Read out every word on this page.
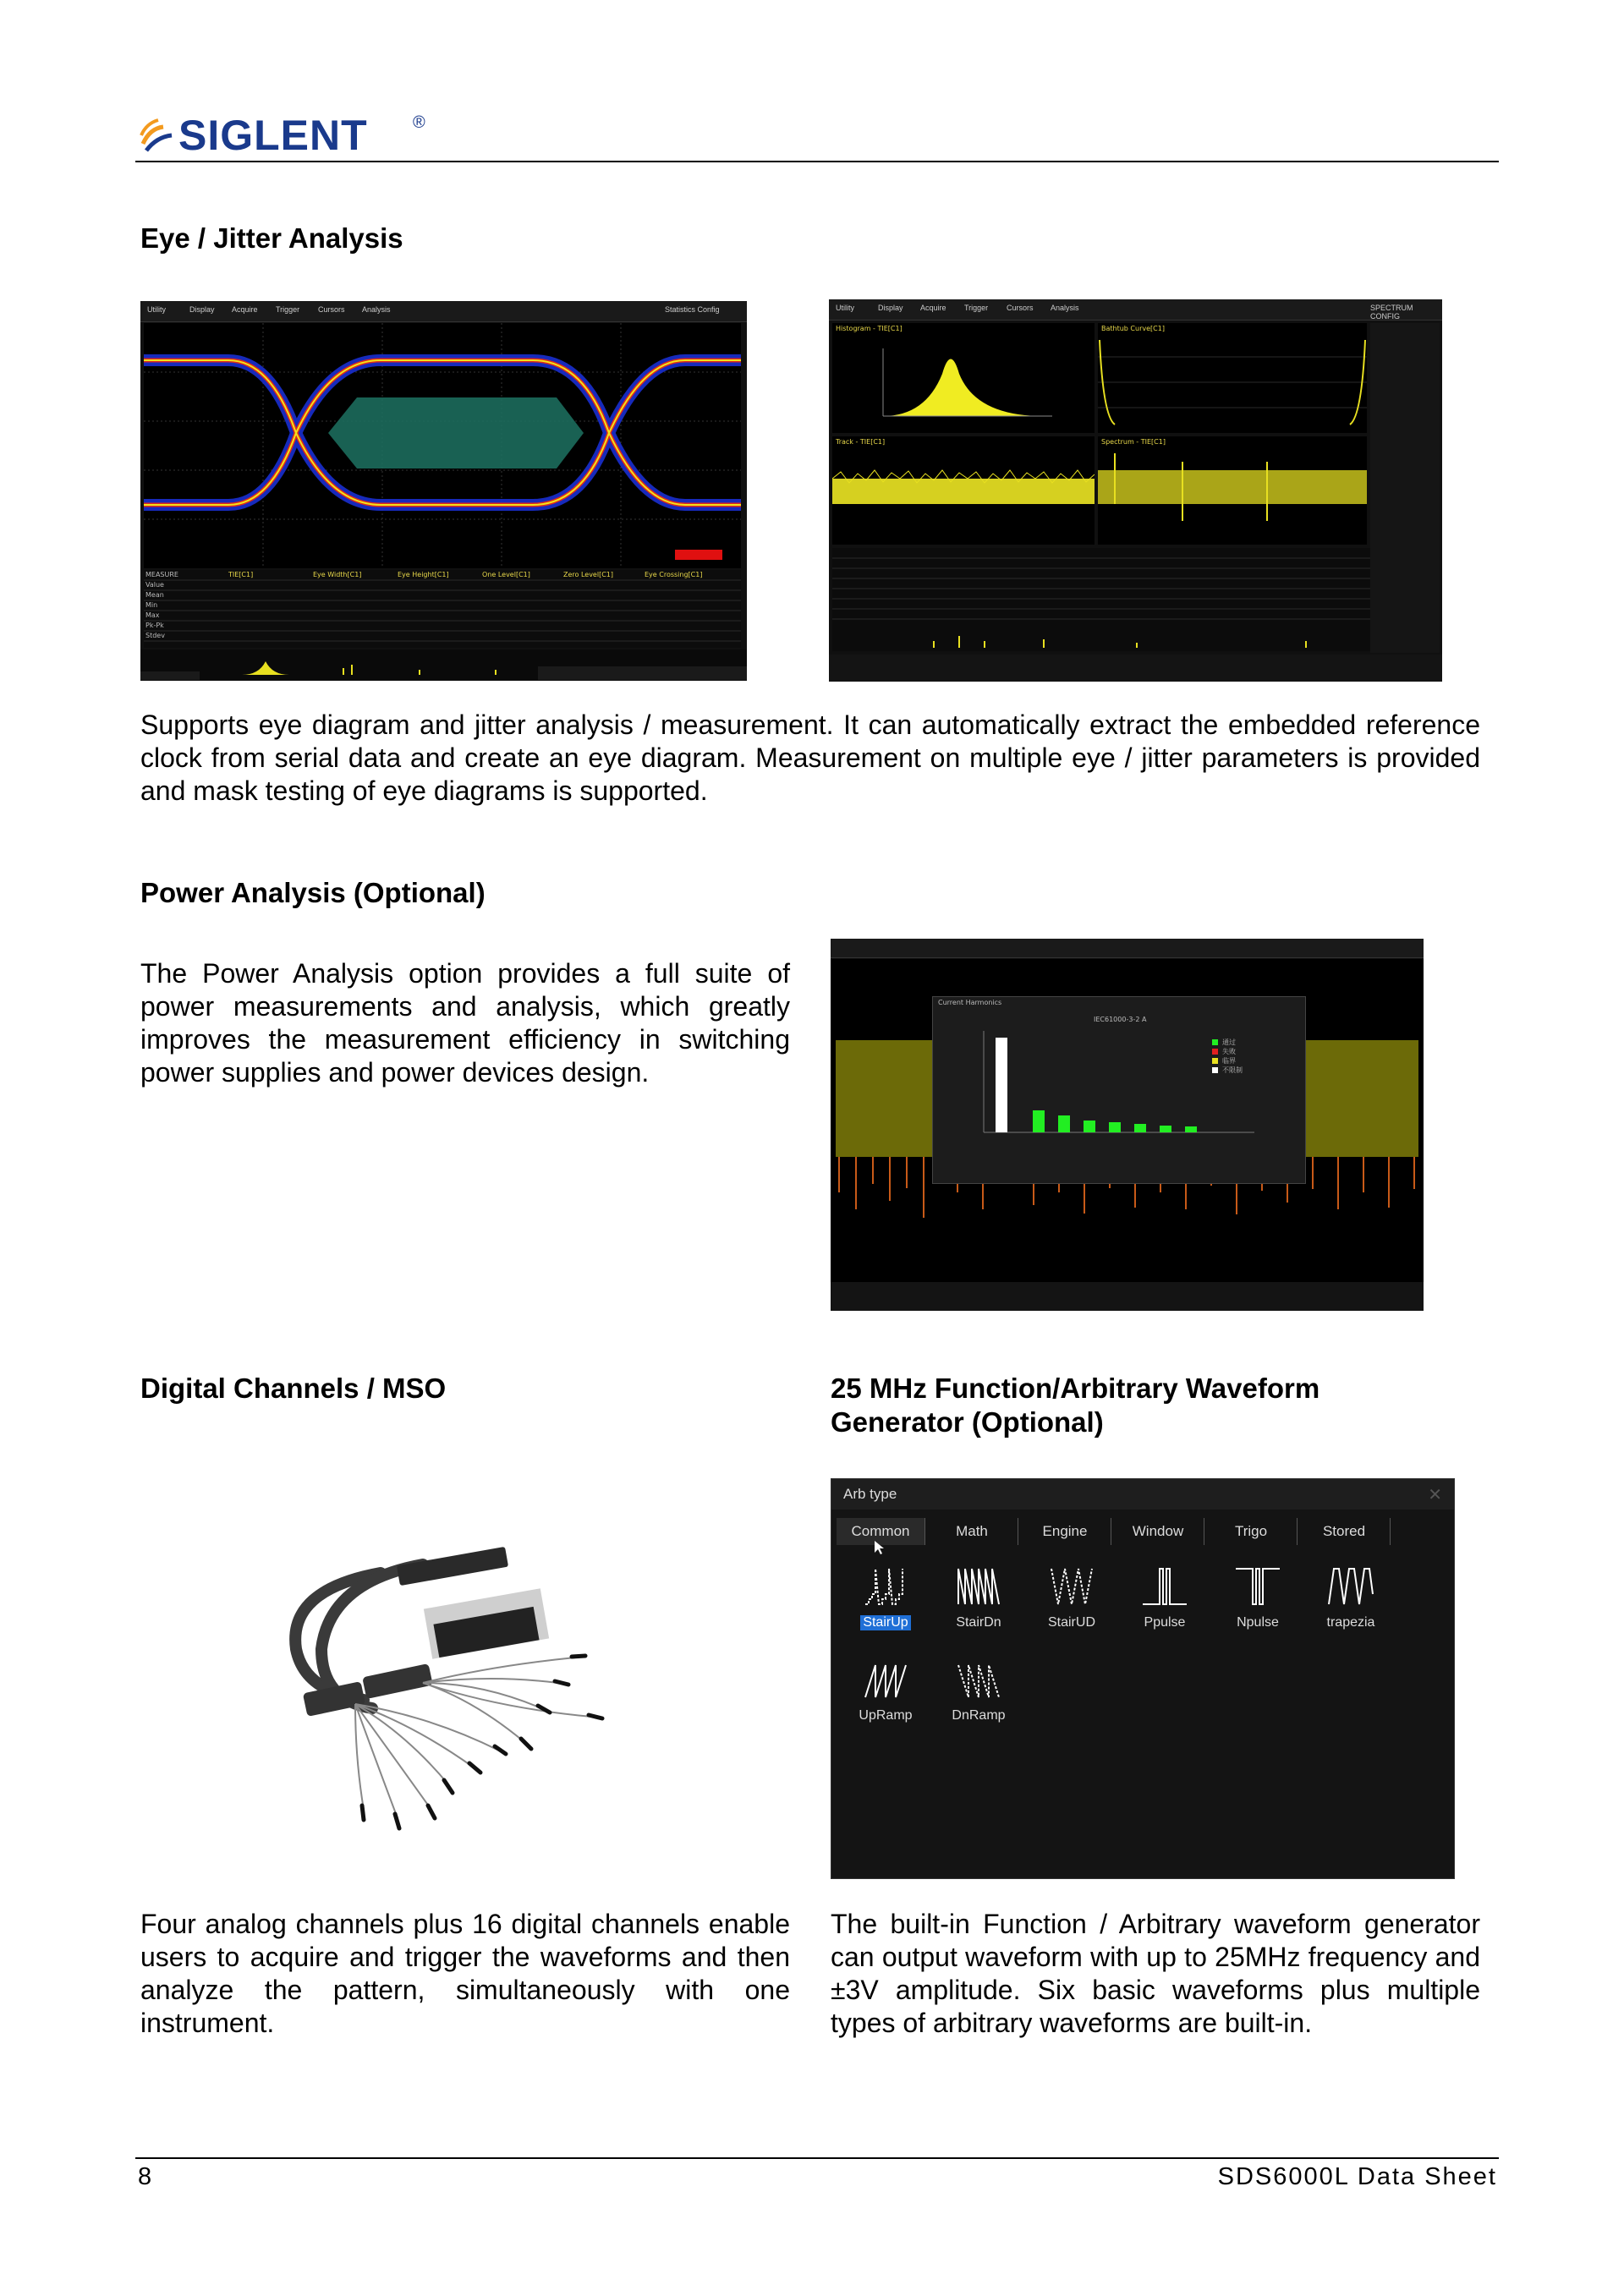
SIGLENT	®
Eye / Jitter Analysis
Utility	Display Acquire Trigger Cursors Analysis	Statistics Config
MEASURE	TIE[C1]	Eye Width[C1]	Eye Height[C1]	One Level[C1]	Zero Level[C1]	Eye Crossing[C1]
Value
Mean
Min
Max
Pk-Pk
Stdev
Utility	Display Acquire Trigger Cursors Analysis	SPECTRUM CONFIG
Histogram - TIE[C1]	Bathtub Curve[C1]
Track - TIE[C1]	Spectrum - TIE[C1]

Supports eye diagram and jitter analysis / measurement. It can automatically extract the embedded reference clock from serial data and create an eye diagram. Measurement on multiple eye / jitter parameters is provided and mask testing of eye diagrams is supported.

Power Analysis (Optional)

The Power Analysis option provides a full suite of power measurements and analysis, which greatly improves the measurement efficiency in switching power supplies and power devices design.

Current Harmonics
IEC61000-3-2 A
通过
失败
临界
不限制
Digital Channels / MSO

Four analog channels plus 16 digital channels enable users to acquire and trigger the waveforms and then analyze the pattern, simultaneously with one instrument.

25 MHz Function/Arbitrary Waveform Generator (Optional)
Arb type	✕
Common	Math	Engine	Window	Trigo	Stored

StairUp	StairDn	StairUD	Ppulse	Npulse	trapezia

UpRamp	DnRamp

The built-in Function / Arbitrary waveform generator can output waveform with up to 25MHz frequency and ±3V amplitude. Six basic waveforms plus multiple types of arbitrary waveforms are built-in.

8	SDS6000L Data Sheet
